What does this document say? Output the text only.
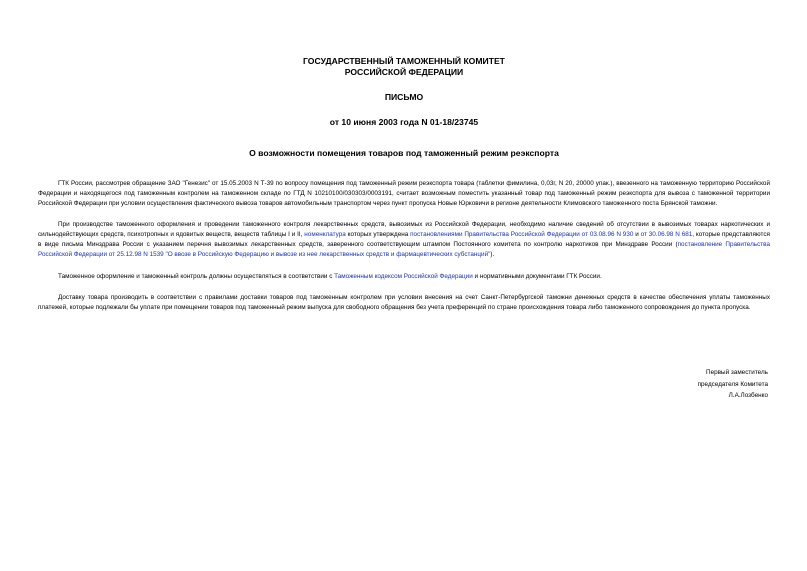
ГОСУДАРСТВЕННЫЙ ТАМОЖЕННЫЙ КОМИТЕТ

РОССИЙСКОЙ ФЕДЕРАЦИИ

ПИСЬМО

от 10 июня 2003 года N 01-18/23745

О возможности помещения товаров под таможенный режим реэкспорта

ГТК России, рассмотрев обращение ЗАО "Генезис" от 15.05.2003 N Т-39 по вопросу помещения под таможенный режим реэкспорта товара (таблетки фимилина, 0,03г, N 20, 20000 упак.), ввезенного на таможенную территорию Российской Федерации и находящегося под таможенным контролем на таможенном складе по ГТД N 10210100/030303/0003191, считает возможным поместить указанный товар под таможенный режим реэкспорта для вывоза с таможенной территории Российской Федерации при условии осуществления фактического вывоза товаров автомобильным транспортом через пункт пропуска Новые Юрковичи в регионе деятельности Климовского таможенного поста Брянской таможни.

При производстве таможенного оформления и проведении таможенного контроля лекарственных средств, вывозимых из Российской Федерации, необходимо наличие сведений об отсутствии в вывозимых товарах наркотических и сильнодействующих средств, психотропных и ядовитых веществ, веществ таблицы I и II, номенклатура которых утверждена постановлениями Правительства Российской Федерации от 03.08.96 N 930 и от 30.06.98 N 681, которые представляются в виде письма Минздрава России с указанием перечня вывозимых лекарственных средств, заверенного соответствующим штампом Постоянного комитета по контролю наркотиков при Минздраве России (постановление Правительства Российской Федерации от 25.12.98 N 1539 "О ввозе в Российскую Федерацию и вывозе из нее лекарственных средств и фармацевтических субстанций").

Таможенное оформление и таможенный контроль должны осуществляться в соответствии с Таможенным кодексом Российской Федерации и нормативными документами ГТК России.

Доставку товара производить в соответствии с правилами доставки товаров под таможенным контролем при условии внесения на счет Санкт-Петербургской таможни денежных средств в качестве обеспечения уплаты таможенных платежей, которые подлежали бы уплате при помещении товаров под таможенный режим выпуска для свободного обращения без учета преференций по стране происхождения товара либо таможенного сопровождения до пункта пропуска.

Первый заместитель
председателя Комитета
Л.А.Лозбенко
